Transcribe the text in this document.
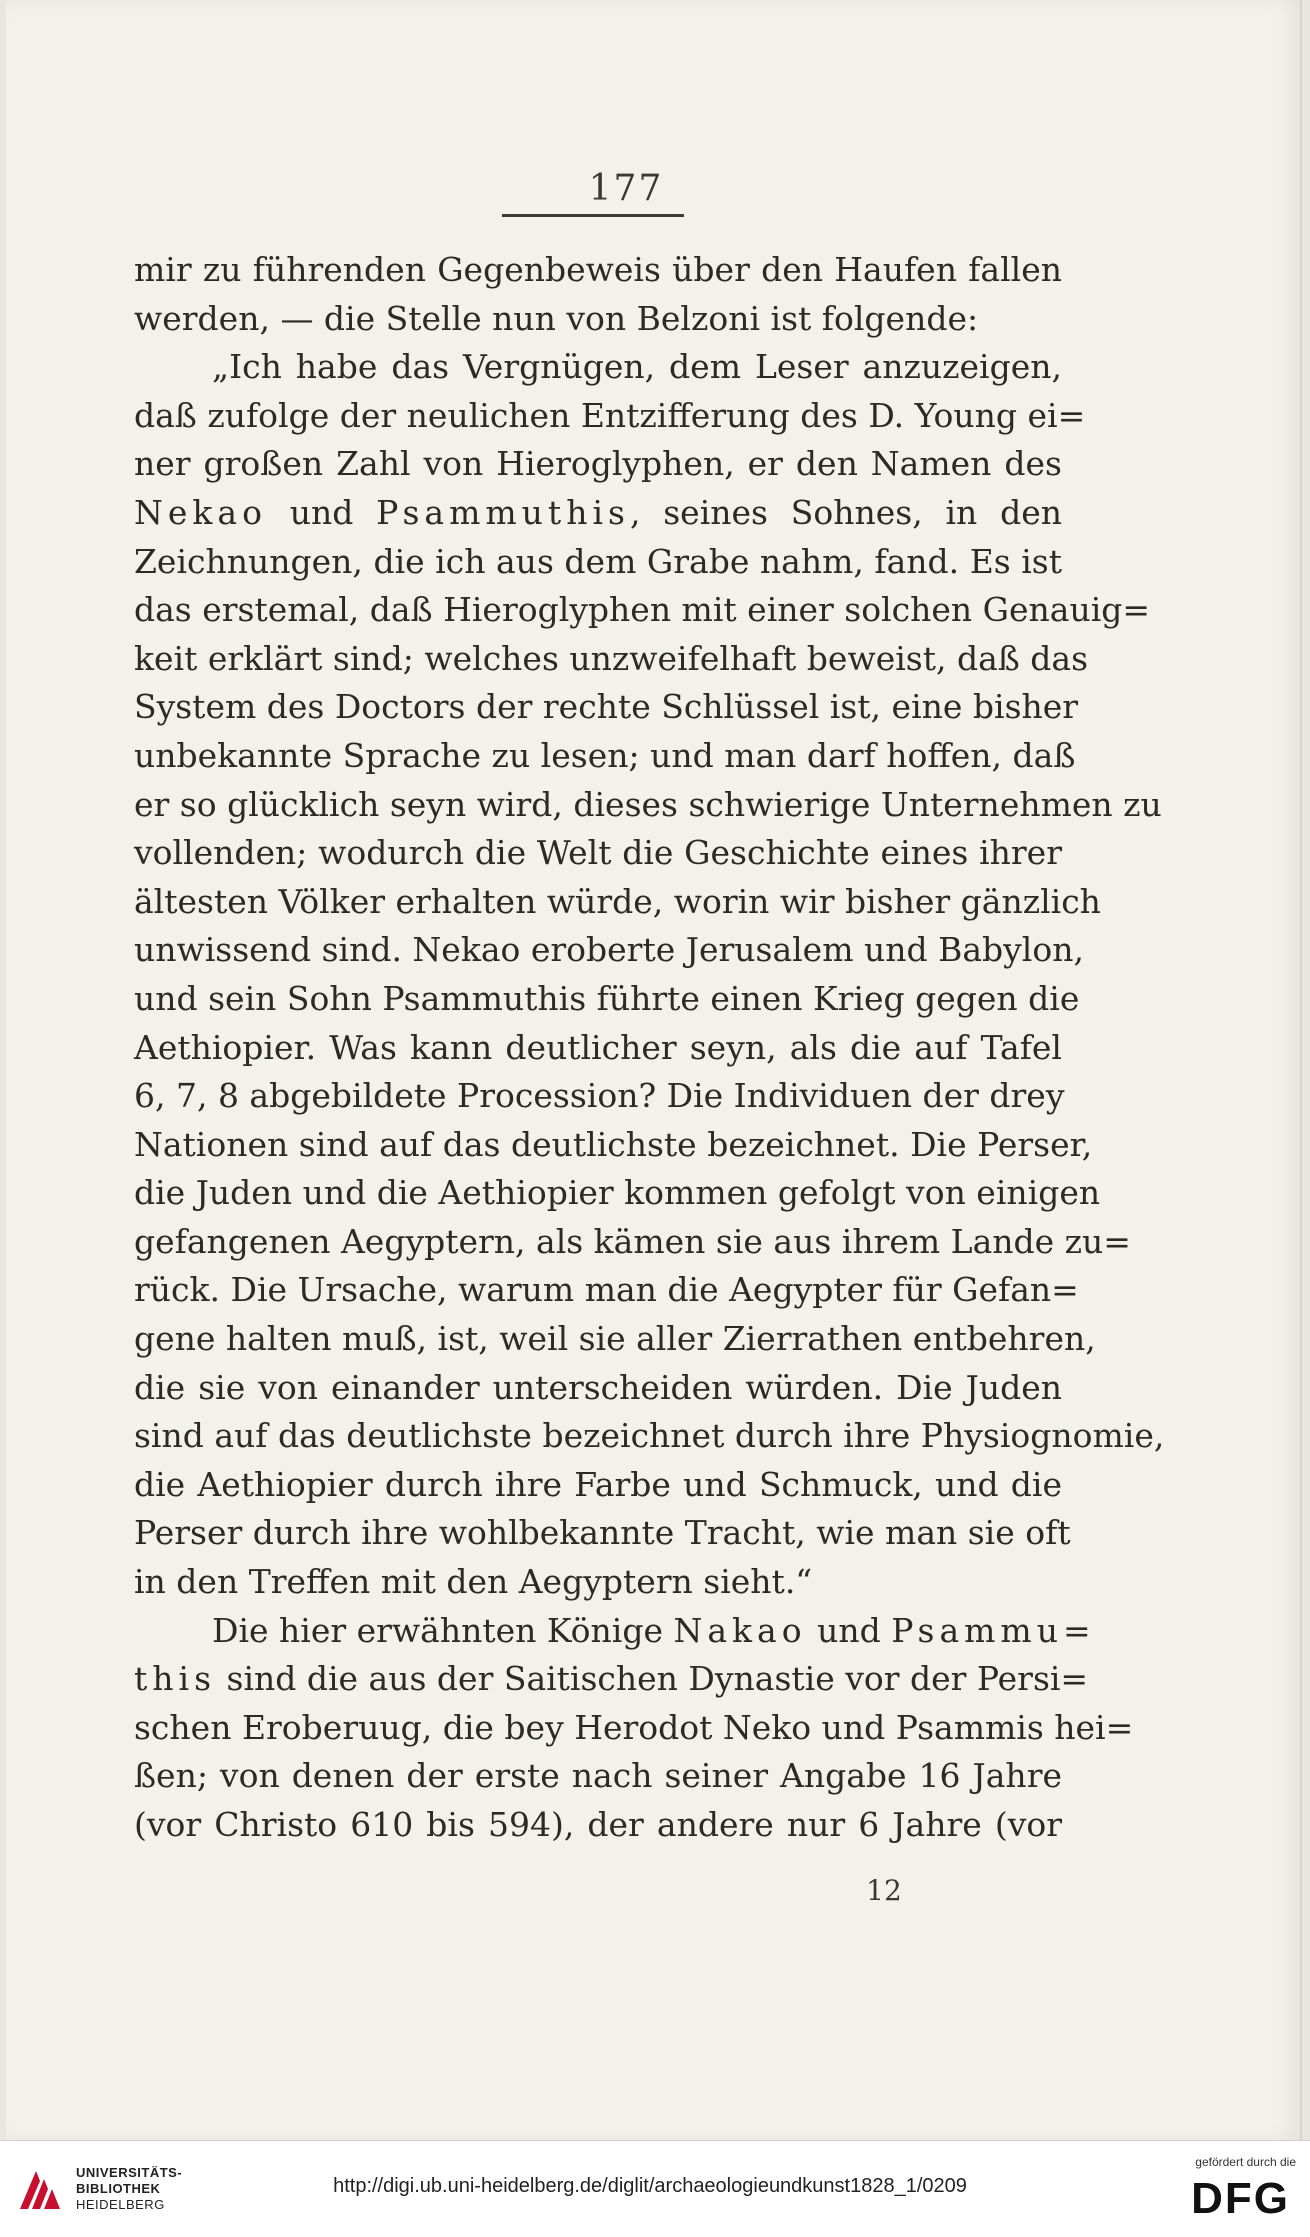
177
mir zu führenden Gegenbeweis über den Haufen fallen
werden, — die Stelle nun von Belzoni ist folgende:
„Ich habe das Vergnügen, dem Leser anzuzeigen,
daß zufolge der neulichen Entzifferung des D. Young ei=
ner großen Zahl von Hieroglyphen, er den Namen des
Nekao und Psammuthis, seines Sohnes, in den
Zeichnungen, die ich aus dem Grabe nahm, fand. Es ist
das erstemal, daß Hieroglyphen mit einer solchen Genauig=
keit erklärt sind; welches unzweifelhaft beweist, daß das
System des Doctors der rechte Schlüssel ist, eine bisher
unbekannte Sprache zu lesen; und man darf hoffen, daß
er so glücklich seyn wird, dieses schwierige Unternehmen zu
vollenden; wodurch die Welt die Geschichte eines ihrer
ältesten Völker erhalten würde, worin wir bisher gänzlich
unwissend sind. Nekao eroberte Jerusalem und Babylon,
und sein Sohn Psammuthis führte einen Krieg gegen die
Aethiopier. Was kann deutlicher seyn, als die auf Tafel
6, 7, 8 abgebildete Procession? Die Individuen der drey
Nationen sind auf das deutlichste bezeichnet. Die Perser,
die Juden und die Aethiopier kommen gefolgt von einigen
gefangenen Aegyptern, als kämen sie aus ihrem Lande zu=
rück. Die Ursache, warum man die Aegypter für Gefan=
gene halten muß, ist, weil sie aller Zierrathen entbehren,
die sie von einander unterscheiden würden. Die Juden
sind auf das deutlichste bezeichnet durch ihre Physiognomie,
die Aethiopier durch ihre Farbe und Schmuck, und die
Perser durch ihre wohlbekannte Tracht, wie man sie oft
in den Treffen mit den Aegyptern sieht.“
Die hier erwähnten Könige Nakao und Psammu=
this sind die aus der Saitischen Dynastie vor der Persi=
schen Eroberuug, die bey Herodot Neko und Psammis hei=
ßen; von denen der erste nach seiner Angabe 16 Jahre
(vor Christo 610 bis 594), der andere nur 6 Jahre (vor
12
UNIVERSITÄTS-
BIBLIOTHEK
HEIDELBERG
http://digi.ub.uni-heidelberg.de/diglit/archaeologieundkunst1828_1/0209
gefördert durch die
DFG
